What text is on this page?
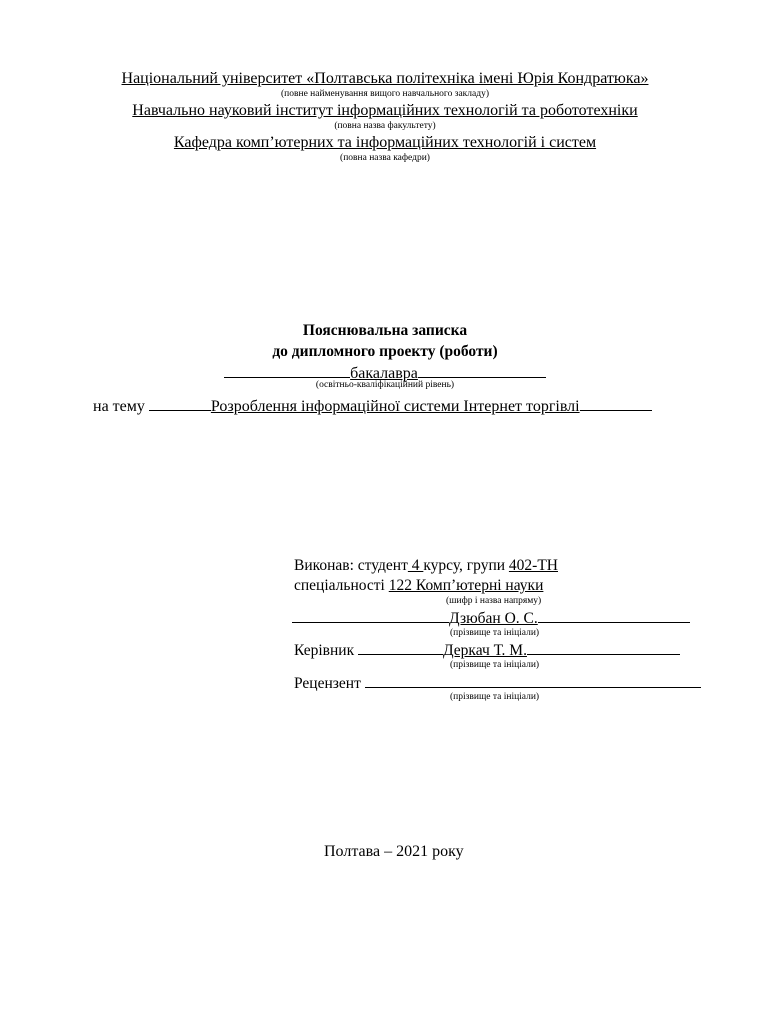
Національний університет «Полтавська політехніка імені Юрія Кондратюка»
(повне найменування вищого навчального закладу)
Навчально науковий інститут інформаційних технологій та робототехніки
(повна назва факультету)
Кафедра комп’ютерних та інформаційних технологій і систем
(повна назва кафедри)
Пояснювальна записка
до дипломного проекту (роботи)
бакалавра
(освітньо-кваліфікаційний рівень)
на тему	Розроблення інформаційної системи Інтернет торгівлі
Виконав: студент 4 курсу, групи 402-ТН
спеціальності 122 Комп’ютерні науки
(шифр і назва напряму)
Дзюбан О. С.
(прізвище та ініціали)
Керівник	Деркач Т. М.
(прізвище та ініціали)
Рецензент
(прізвище та ініціали)
Полтава – 2021 року
